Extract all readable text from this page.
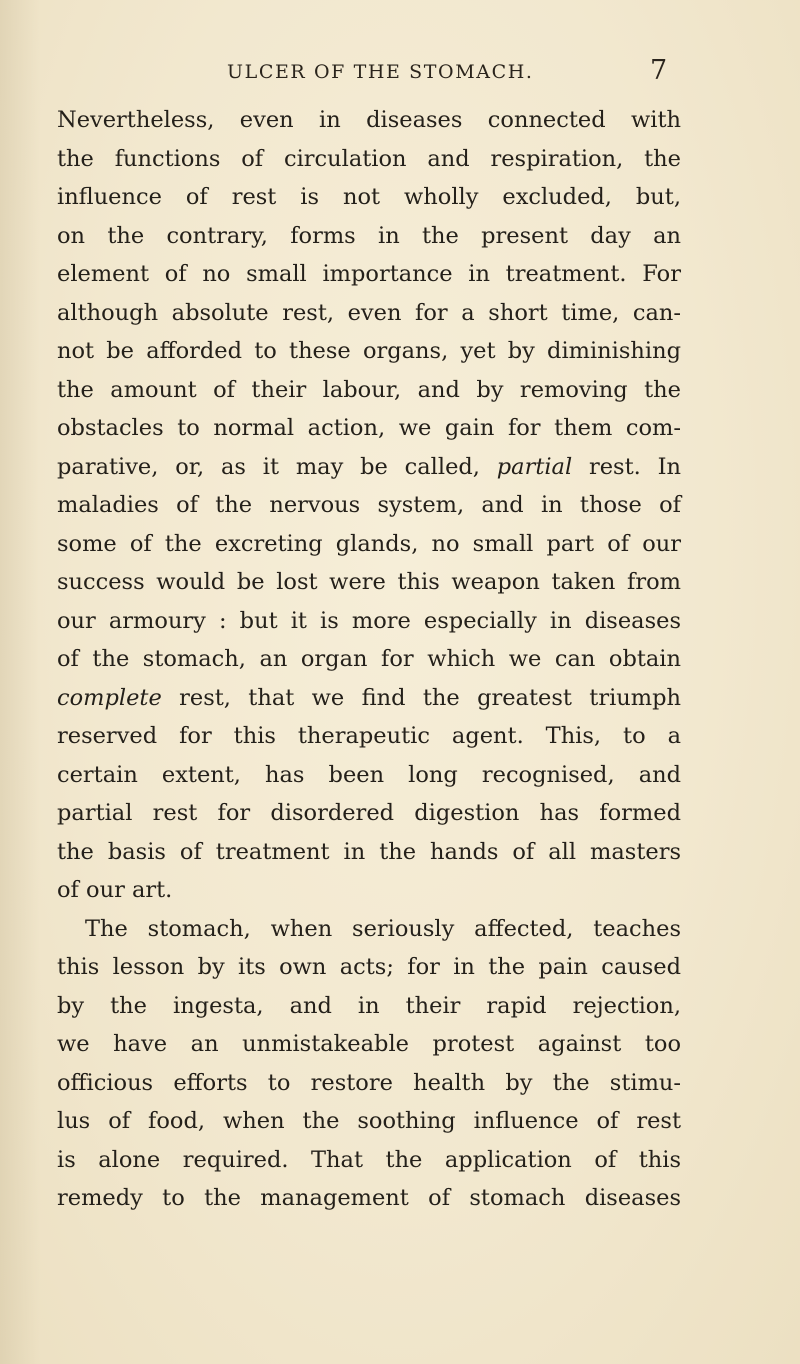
ULCER OF THE STOMACH.	7
Nevertheless, even in diseases connected with
the functions of circulation and respiration, the
influence of rest is not wholly excluded, but,
on the contrary, forms in the present day an
element of no small importance in treatment. For
although absolute rest, even for a short time, can-
not be afforded to these organs, yet by diminishing
the amount of their labour, and by removing the
obstacles to normal action, we gain for them com-
parative, or, as it may be called, partial rest. In
maladies of the nervous system, and in those of
some of the excreting glands, no small part of our
success would be lost were this weapon taken from
our armoury : but it is more especially in diseases
of the stomach, an organ for which we can obtain
complete rest, that we find the greatest triumph
reserved for this therapeutic agent. This, to a
certain extent, has been long recognised, and
partial rest for disordered digestion has formed
the basis of treatment in the hands of all masters
of our art.
The stomach, when seriously affected, teaches
this lesson by its own acts; for in the pain caused
by the ingesta, and in their rapid rejection,
we have an unmistakeable protest against too
officious efforts to restore health by the stimu-
lus of food, when the soothing influence of rest
is alone required. That the application of this
remedy to the management of stomach diseases
